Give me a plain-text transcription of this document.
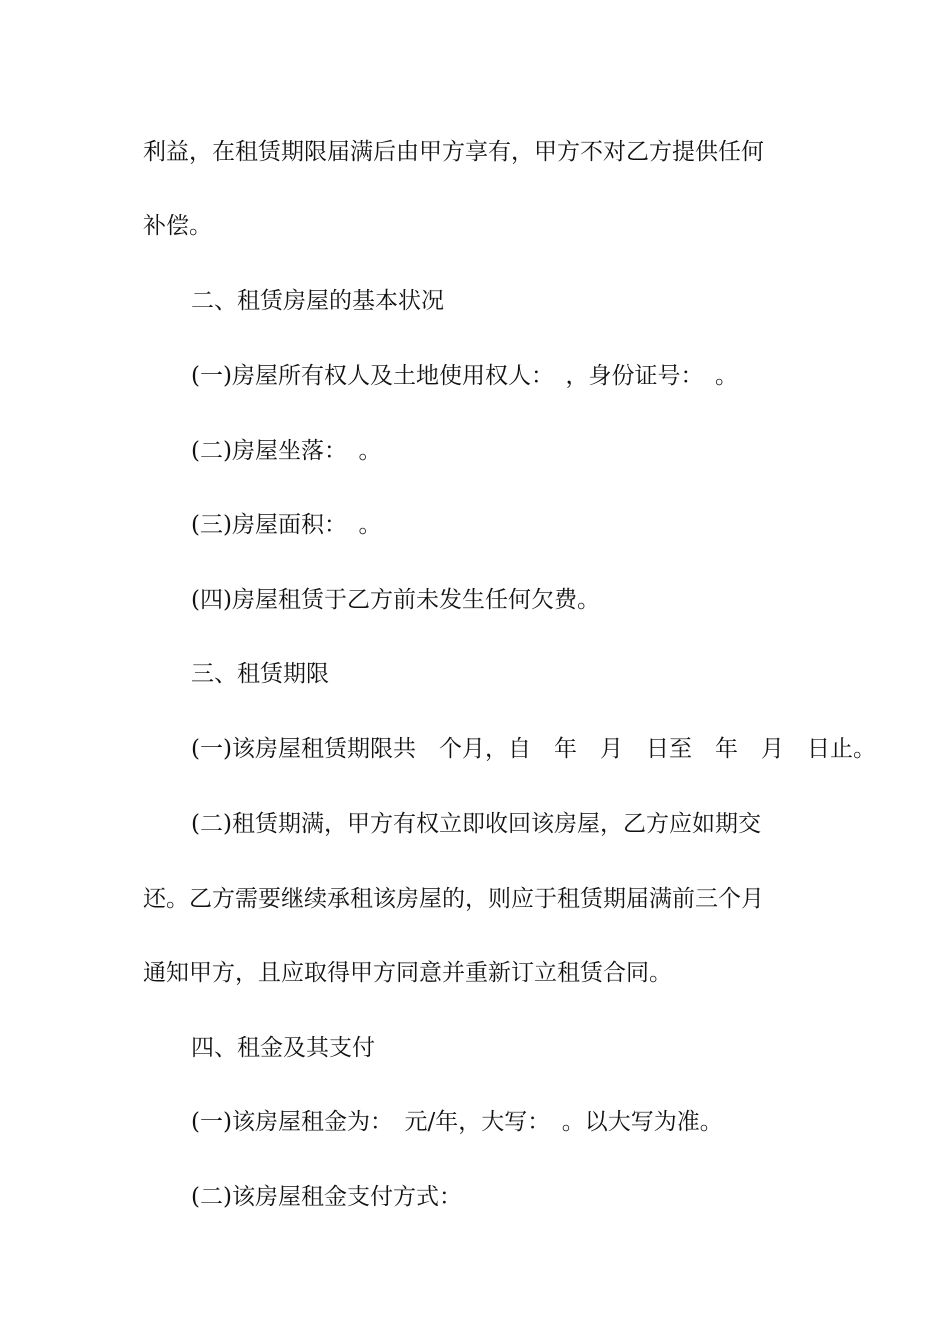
利益，在租赁期限届满后由甲方享有，甲方不对乙方提供任何

补偿。

二、租赁房屋的基本状况

(一)房屋所有权人及土地使用权人：　，身份证号：　。

(二)房屋坐落：　。

(三)房屋面积：　。

(四)房屋租赁于乙方前未发生任何欠费。

三、租赁期限

(一)该房屋租赁期限共　个月，自　年　月　日至　年　月　日止。

(二)租赁期满，甲方有权立即收回该房屋，乙方应如期交

还。乙方需要继续承租该房屋的，则应于租赁期届满前三个月

通知甲方，且应取得甲方同意并重新订立租赁合同。

四、租金及其支付

(一)该房屋租金为：　元/年，大写：　。以大写为准。

(二)该房屋租金支付方式：
